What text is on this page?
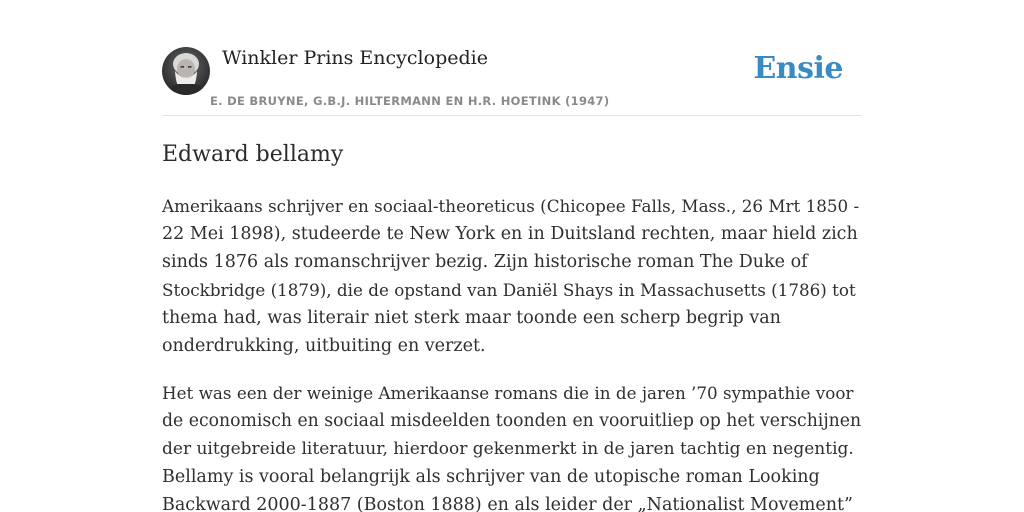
Winkler Prins Encyclopedie
E. DE BRUYNE, G.B.J. HILTERMANN EN H.R. HOETINK (1947)
Ensie
Edward bellamy

Amerikaans schrijver en sociaal-theoreticus (Chicopee Falls, Mass., 26 Mrt 1850 -
22 Mei 1898), studeerde te New York en in Duitsland rechten, maar hield zich
sinds 1876 als romanschrijver bezig. Zijn historische roman The Duke of
Stockbridge (1879), die de opstand van Daniël Shays in Massachusetts (1786) tot
thema had, was literair niet sterk maar toonde een scherp begrip van
onderdrukking, uitbuiting en verzet.

Het was een der weinige Amerikaanse romans die in de jaren ’70 sympathie voor
de economisch en sociaal misdeelden toonden en vooruitliep op het verschijnen
der uitgebreide literatuur, hierdoor gekenmerkt in de jaren tachtig en negentig.
Bellamy is vooral belangrijk als schrijver van de utopische roman Looking
Backward 2000-1887 (Boston 1888) en als leider der „Nationalist Movement”
